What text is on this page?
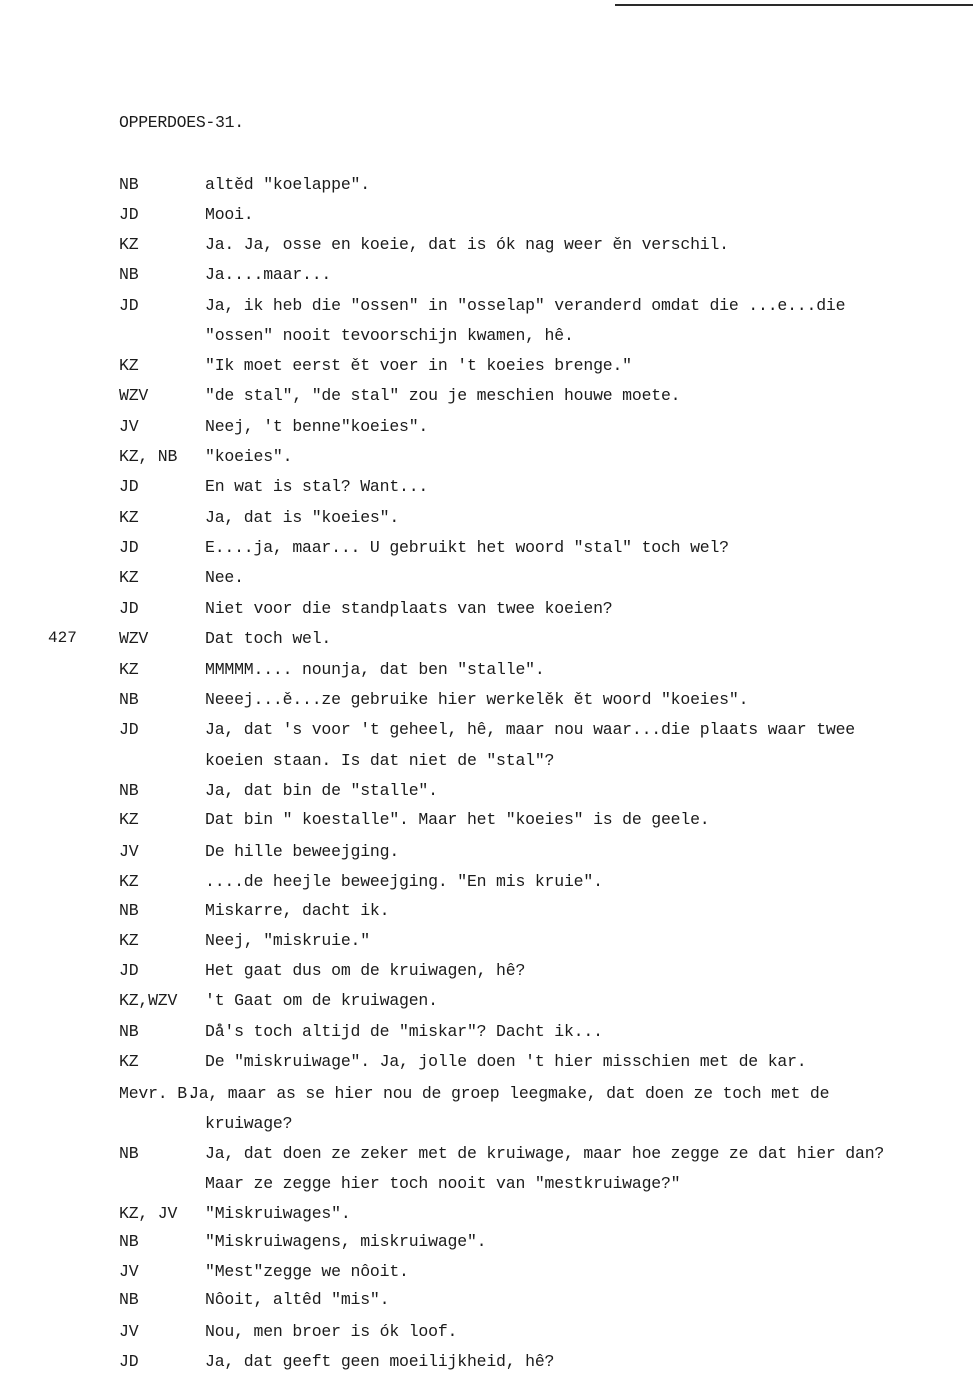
OPPERDOES-31.
427
NB	altěd "koelappe".
JD	Mooi.
KZ	Ja. Ja, osse en koeie, dat is ók nag weer ěn verschil.
NB	Ja....maar...
JD	Ja, ik heb die "ossen" in "osselap" veranderd omdat die ...e...die
"ossen" nooit tevoorschijn kwamen, hê.
KZ	"Ik moet eerst ět voer in 't koeies brenge."
WZV	"de stal", "de stal" zou je meschien houwe moete.
JV	Neej, 't benne"koeies".
KZ, NB "koeies".
JD	En wat is stal? Want...
KZ	Ja, dat is "koeies".
JD	E....ja, maar... U gebruikt het woord "stal" toch wel?
KZ	Nee.
JD	Niet voor die standplaats van twee koeien?
WZV	Dat toch wel.
KZ	MMMMM.... nounja, dat ben "stalle".
NB	Neeej...ě...ze gebruike hier werkelěk ět woord "koeies".
JD	Ja, dat 's voor 't geheel, hê, maar nou waar...die plaats waar twee
koeien staan. Is dat niet de "stal"?
NB	Ja, dat bin de "stalle".
KZ	Dat bin " koestalle". Maar het "koeies" is de geele.
JV	De hille beweejging.
KZ	....de heejle beweejging. "En mis kruie".
NB	Miskarre, dacht ik.
KZ	Neej, "miskruie."
JD	Het gaat dus om de kruiwagen, hê?
KZ,WZV 't Gaat om de kruiwagen.
NB	Då's toch altijd de "miskar"? Dacht ik...
KZ	De "miskruiwage". Ja, jolle doen 't hier misschien met de kar.
Mevr. B.
Ja, maar as se hier nou de groep leegmake, dat doen ze toch met de
kruiwage?
NB	Ja, dat doen ze zeker met de kruiwage, maar hoe zegge ze dat hier dan?
Maar ze zegge hier toch nooit van "mestkruiwage?"
KZ, JV "Miskruiwages".
NB	"Miskruiwagens, miskruiwage".
JV	"Mest"zegge we nôoit.
NB	Nôoit, altêd "mis".
JV	Nou, men broer is ók loof.
JD	Ja, dat geeft geen moeilijkheid, hê?
